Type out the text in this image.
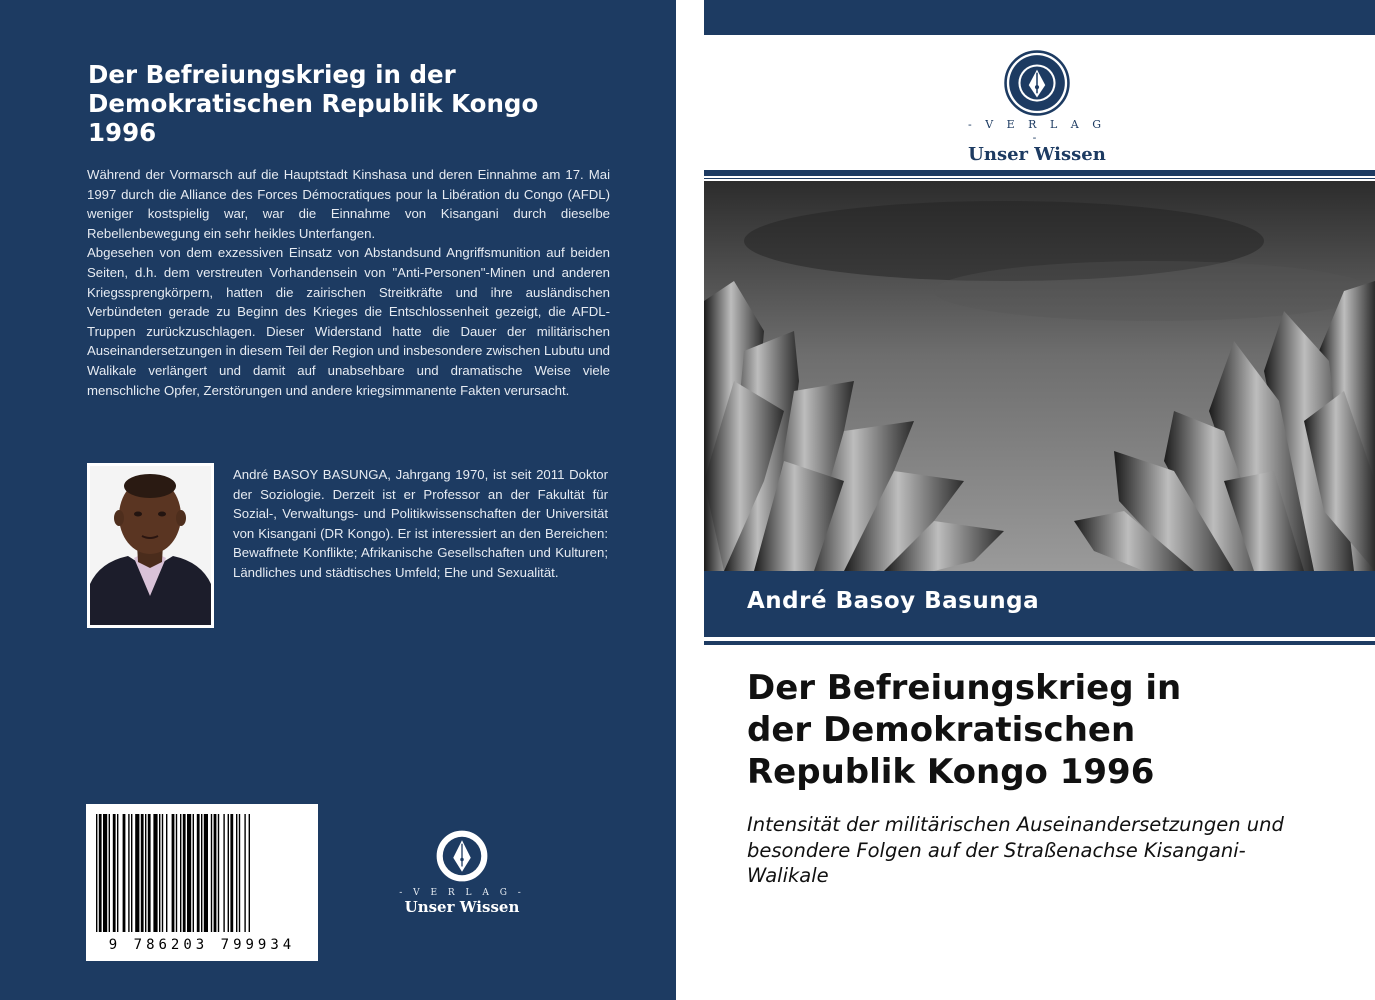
Der Befreiungskrieg in der
Demokratischen Republik Kongo
1996

Während der Vormarsch auf die Hauptstadt Kinshasa und deren Einnahme am 17. Mai 1997 durch die Alliance des Forces Démocratiques pour la Libération du Congo (AFDL) weniger kostspielig war, war die Einnahme von Kisangani durch dieselbe Rebellenbewegung ein sehr heikles Unterfangen.

Abgesehen von dem exzessiven Einsatz von Abstandsund Angriffsmunition auf beiden Seiten, d.h. dem verstreuten Vorhandensein von "Anti-Personen"-Minen und anderen Kriegssprengkörpern, hatten die zairischen Streitkräfte und ihre ausländischen Verbündeten gerade zu Beginn des Krieges die Entschlossenheit gezeigt, die AFDL-Truppen zurückzuschlagen. Dieser Widerstand hatte die Dauer der militärischen Auseinandersetzungen in diesem Teil der Region und insbesondere zwischen Lubutu und Walikale verlängert und damit auf unabsehbare und dramatische Weise viele menschliche Opfer, Zerstörungen und andere kriegsimmanente Fakten verursacht.

André BASOY BASUNGA, Jahrgang 1970, ist seit 2011 Doktor der Soziologie. Derzeit ist er Professor an der Fakultät für Sozial-, Verwaltungs- und Politikwissenschaften der Universität von Kisangani (DR Kongo). Er ist interessiert an den Bereichen: Bewaffnete Konflikte; Afrikanische Gesellschaften und Kulturen; Ländliches und städtisches Umfeld; Ehe und Sexualität.

9 786203 799934
- V E R L A G -
Unser Wissen
- V E R L A G -
Unser Wissen
André Basoy Basunga
Der Befreiungskrieg in
der Demokratischen
Republik Kongo 1996

Intensität der militärischen Auseinandersetzungen und
besondere Folgen auf der Straßenachse Kisangani-
Walikale
